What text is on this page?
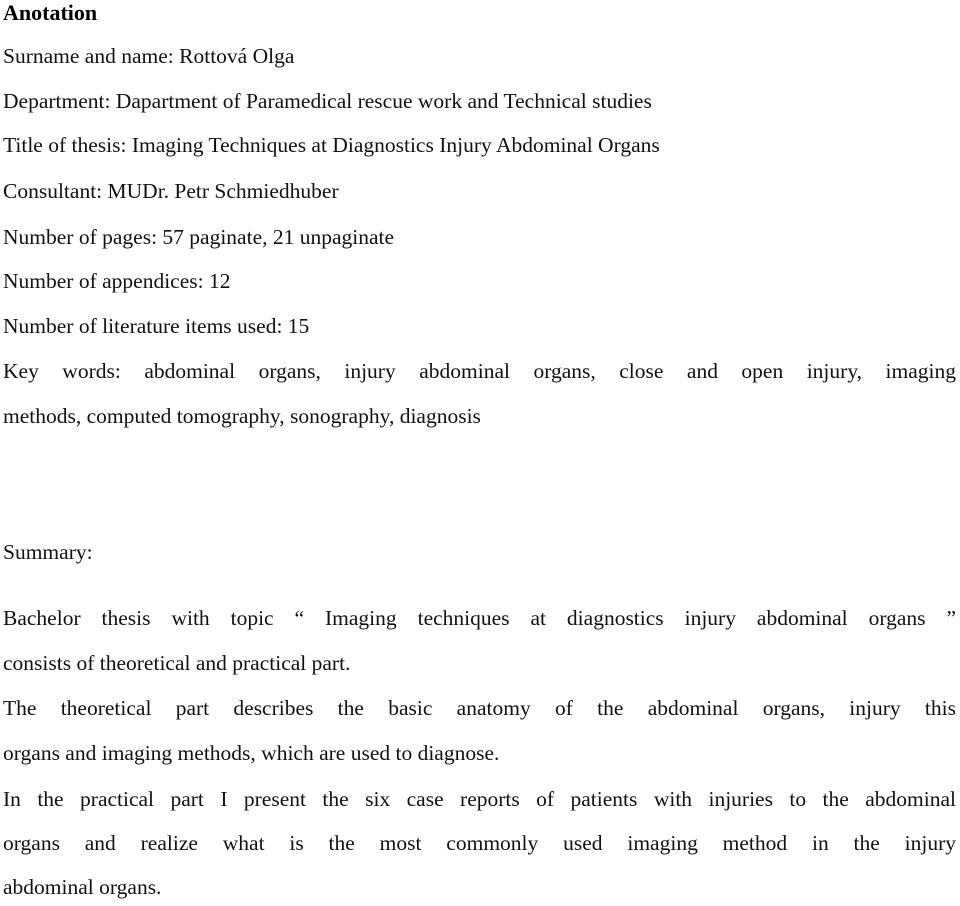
Anotation
Surname and name: Rottová Olga
Department: Dapartment of Paramedical rescue work and Technical studies
Title of thesis: Imaging Techniques at Diagnostics Injury Abdominal Organs
Consultant: MUDr. Petr Schmiedhuber
Number of pages: 57 paginate, 21 unpaginate
Number of appendices: 12
Number of literature items used: 15
Key words: abdominal organs, injury abdominal organs, close and open injury, imaging
methods, computed tomography, sonography, diagnosis
Summary:
Bachelor thesis with topic “ Imaging techniques at diagnostics injury abdominal organs ”
consists of theoretical and practical part.
The theoretical part describes the basic anatomy of the abdominal organs, injury this
organs and imaging methods, which are used to diagnose.
In the practical part I present the six case reports of patients with injuries to the abdominal
organs and realize what is the most commonly used imaging method in the injury
abdominal organs.
